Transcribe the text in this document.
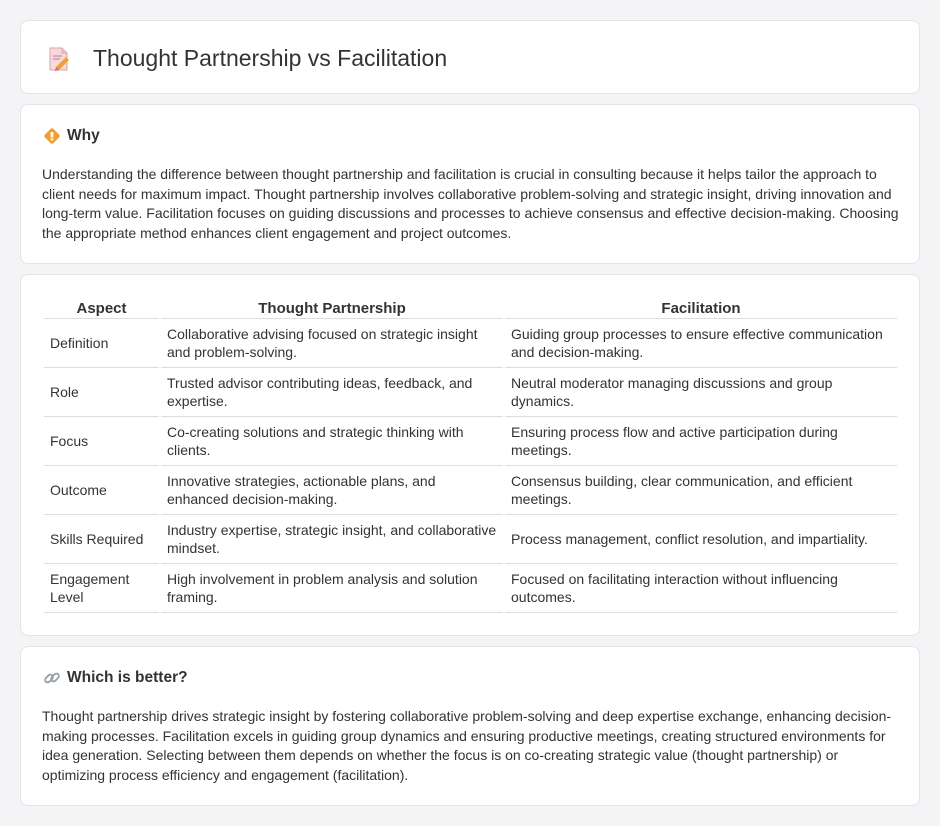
Thought Partnership vs Facilitation
Why

Understanding the difference between thought partnership and facilitation is crucial in consulting because it helps tailor the approach to client needs for maximum impact. Thought partnership involves collaborative problem-solving and strategic insight, driving innovation and long-term value. Facilitation focuses on guiding discussions and processes to achieve consensus and effective decision-making. Choosing the appropriate method enhances client engagement and project outcomes.

Aspect	Thought Partnership	Facilitation
Definition	Collaborative advising focused on strategic insight and problem-solving.	Guiding group processes to ensure effective communication and decision-making.
Role	Trusted advisor contributing ideas, feedback, and expertise.	Neutral moderator managing discussions and group dynamics.
Focus	Co-creating solutions and strategic thinking with clients.	Ensuring process flow and active participation during meetings.
Outcome	Innovative strategies, actionable plans, and enhanced decision-making.	Consensus building, clear communication, and efficient meetings.
Skills Required	Industry expertise, strategic insight, and collaborative mindset.	Process management, conflict resolution, and impartiality.
Engagement Level	High involvement in problem analysis and solution framing.	Focused on facilitating interaction without influencing outcomes.
Which is better?

Thought partnership drives strategic insight by fostering collaborative problem-solving and deep expertise exchange, enhancing decision-making processes. Facilitation excels in guiding group dynamics and ensuring productive meetings, creating structured environments for idea generation. Selecting between them depends on whether the focus is on co-creating strategic value (thought partnership) or optimizing process efficiency and engagement (facilitation).
